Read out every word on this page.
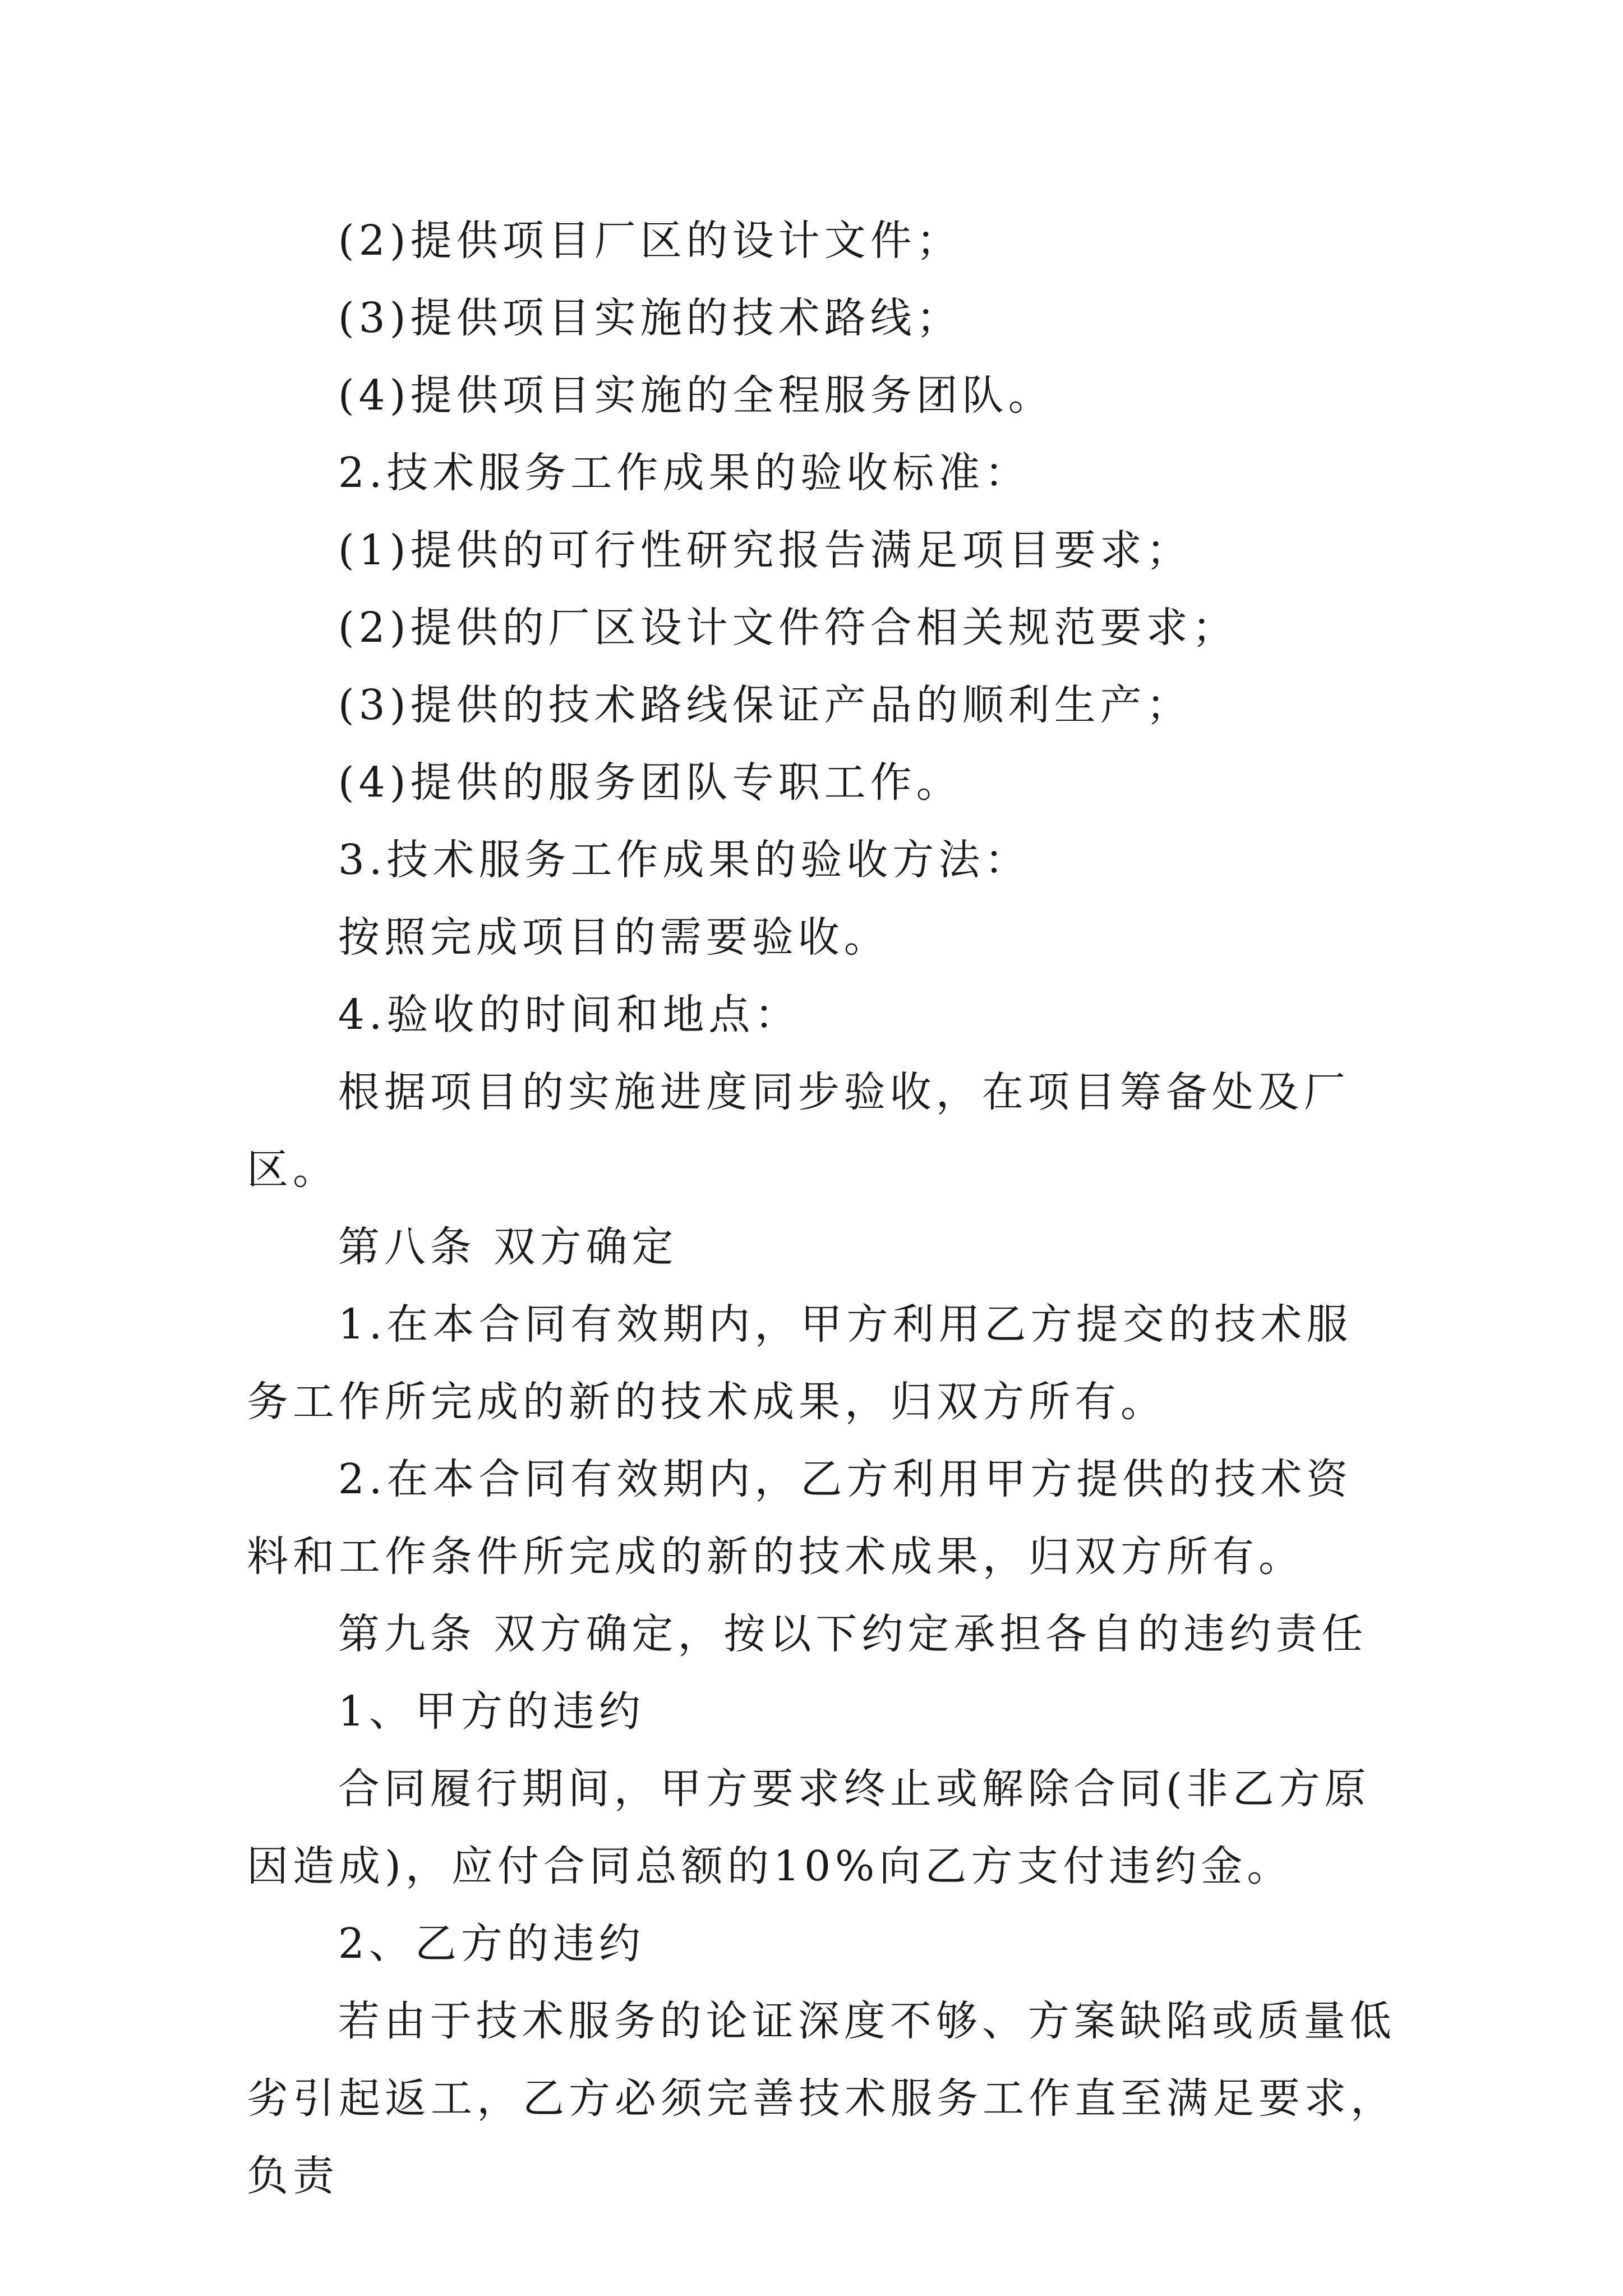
(2)提供项目厂区的设计文件；

(3)提供项目实施的技术路线；

(4)提供项目实施的全程服务团队。

2.技术服务工作成果的验收标准：

(1)提供的可行性研究报告满足项目要求；

(2)提供的厂区设计文件符合相关规范要求；

(3)提供的技术路线保证产品的顺利生产；

(4)提供的服务团队专职工作。

3.技术服务工作成果的验收方法：

按照完成项目的需要验收。

4.验收的时间和地点：

根据项目的实施进度同步验收，在项目筹备处及厂区。

第八条 双方确定

1.在本合同有效期内，甲方利用乙方提交的技术服务工作所完成的新的技术成果，归双方所有。

2.在本合同有效期内，乙方利用甲方提供的技术资料和工作条件所完成的新的技术成果，归双方所有。

第九条 双方确定，按以下约定承担各自的违约责任

1、甲方的违约

合同履行期间，甲方要求终止或解除合同(非乙方原因造成)，应付合同总额的10%向乙方支付违约金。

2、乙方的违约

若由于技术服务的论证深度不够、方案缺陷或质量低劣引起返工，乙方必须完善技术服务工作直至满足要求，负责
